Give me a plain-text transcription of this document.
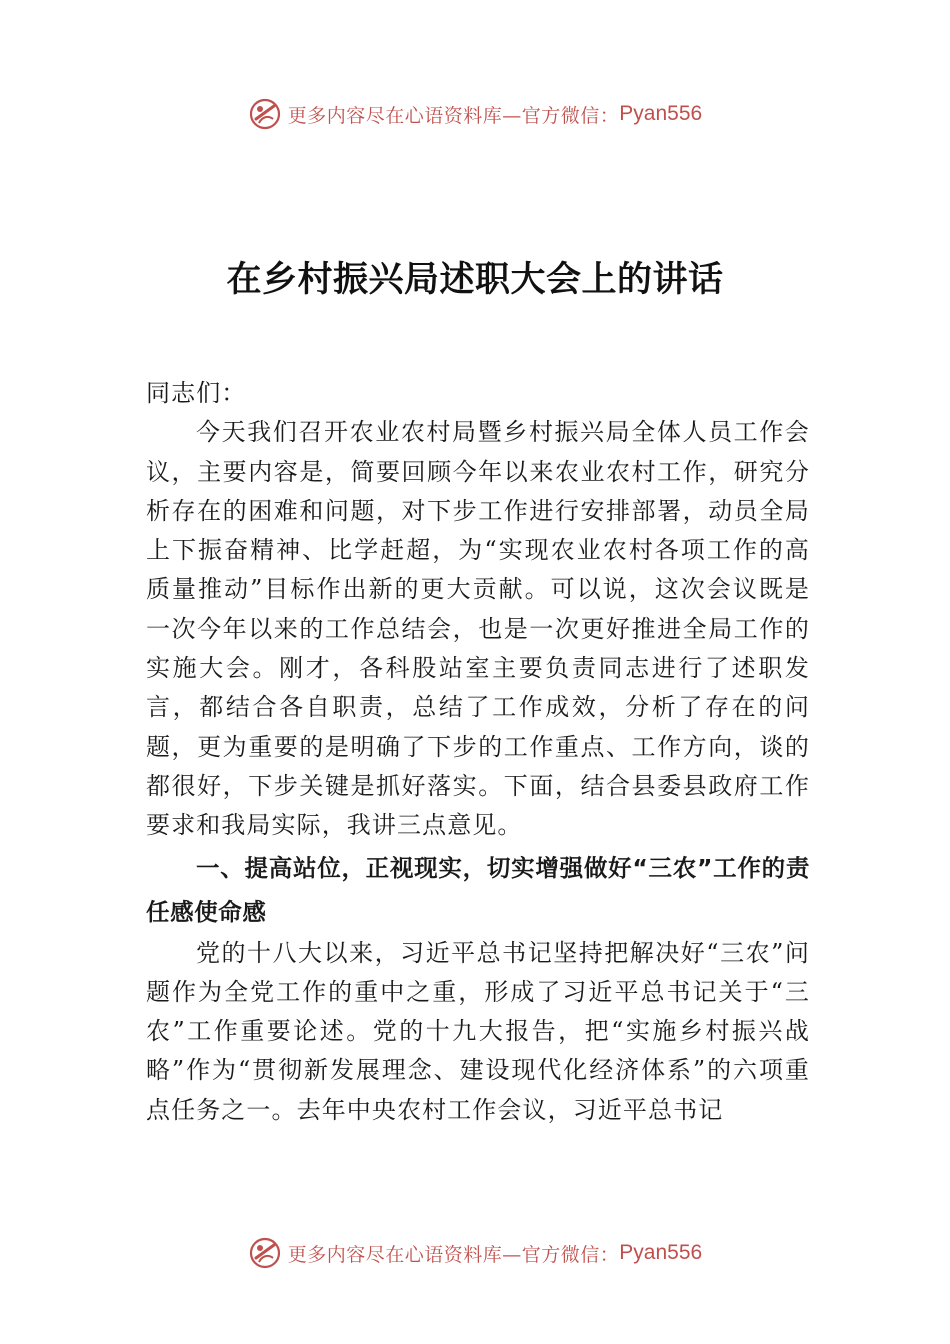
更多内容尽在心语资料库—官方微信： Pyan556
在乡村振兴局述职大会上的讲话

同志们：

今天我们召开农业农村局暨乡村振兴局全体人员工作会议，主要内容是，简要回顾今年以来农业农村工作，研究分析存在的困难和问题，对下步工作进行安排部署，动员全局上下振奋精神、比学赶超，为“实现农业农村各项工作的高质量推动”目标作出新的更大贡献。可以说，这次会议既是一次今年以来的工作总结会，也是一次更好推进全局工作的实施大会。刚才，各科股站室主要负责同志进行了述职发言，都结合各自职责，总结了工作成效，分析了存在的问题，更为重要的是明确了下步的工作重点、工作方向，谈的都很好，下步关键是抓好落实。下面，结合县委县政府工作要求和我局实际，我讲三点意见。

一、提高站位，正视现实，切实增强做好“三农”工作的责任感使命感

党的十八大以来，习近平总书记坚持把解决好“三农”问题作为全党工作的重中之重，形成了习近平总书记关于“三农”工作重要论述。党的十九大报告，把“实施乡村振兴战略”作为“贯彻新发展理念、建设现代化经济体系”的六项重点任务之一。去年中央农村工作会议，习近平总书记

更多内容尽在心语资料库—官方微信： Pyan556
